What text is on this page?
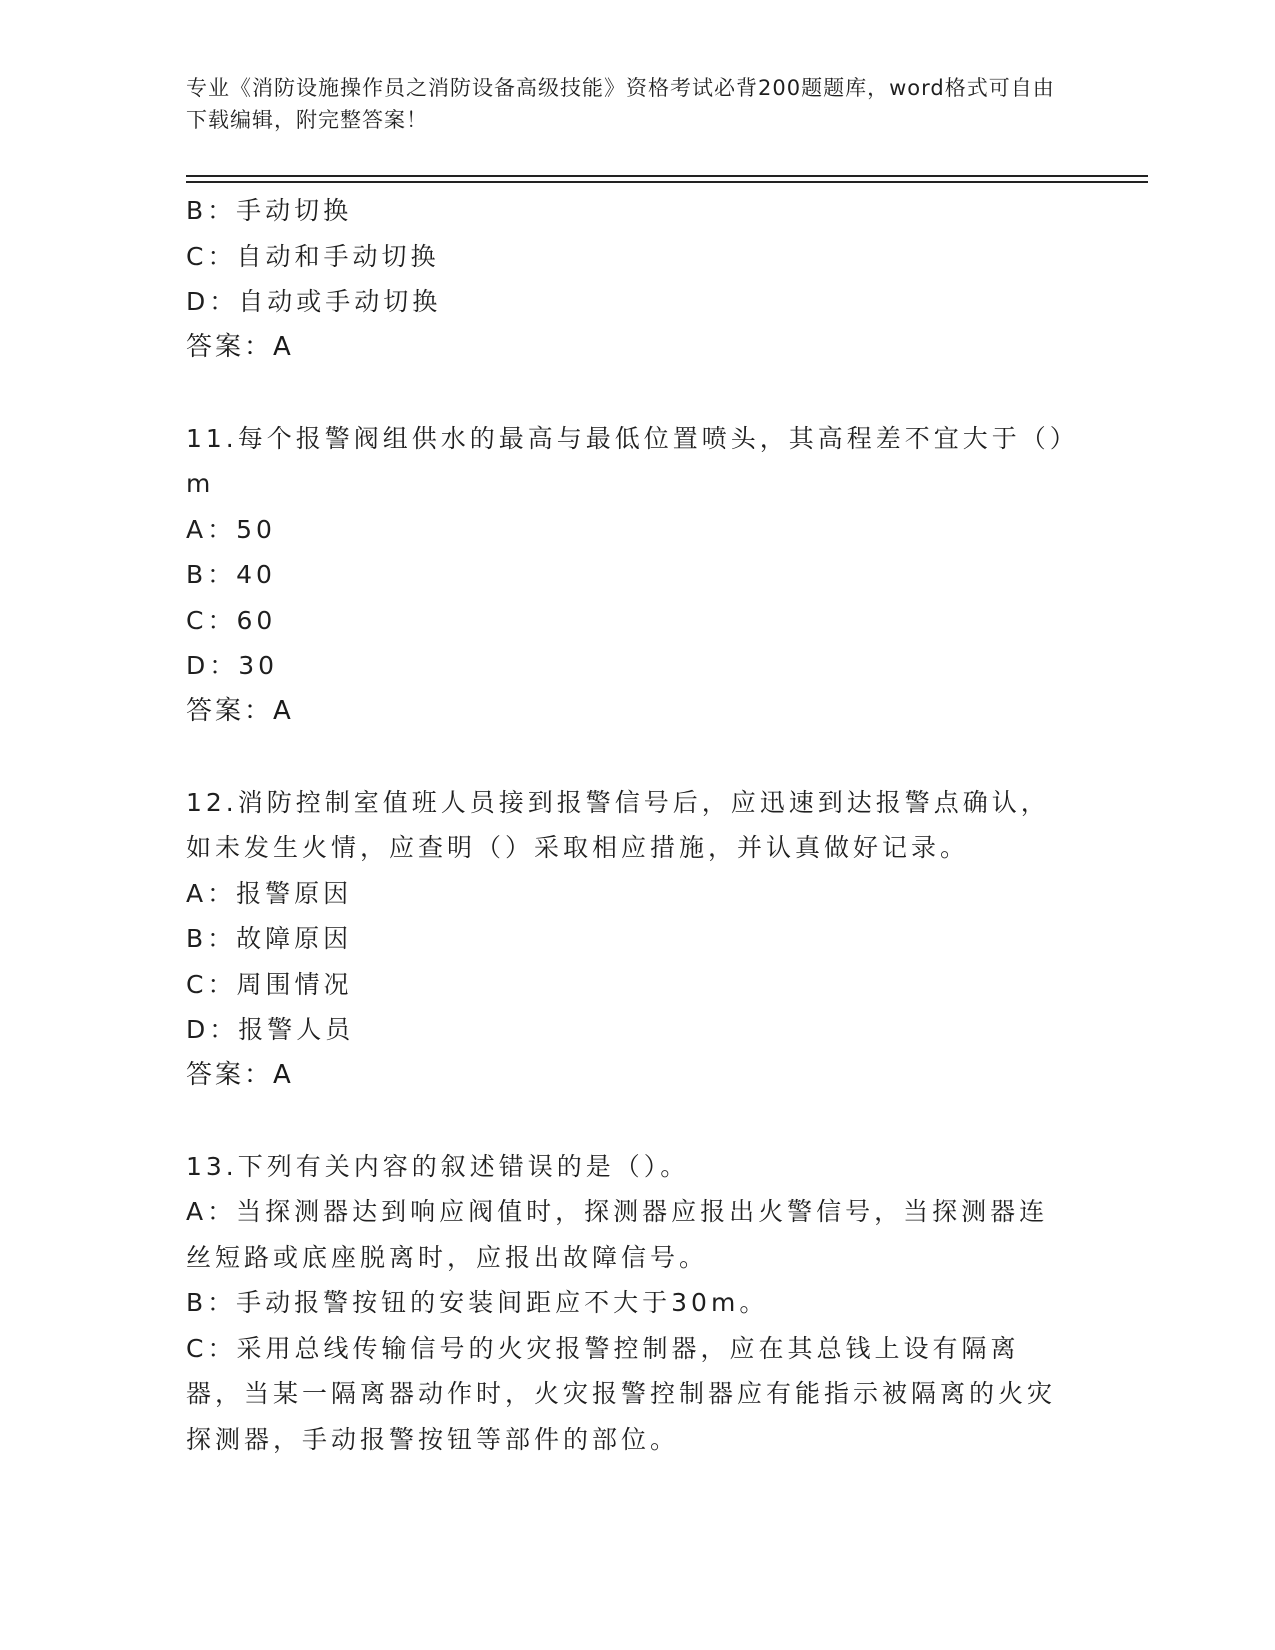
专业《消防设施操作员之消防设备高级技能》资格考试必背200题题库，word格式可自由下载编辑，附完整答案！
B：手动切换
C：自动和手动切换
D：自动或手动切换
答案：A
11.每个报警阀组供水的最高与最低位置喷头，其高程差不宜大于（）
m
A：50
B：40
C：60
D：30
答案：A
12.消防控制室值班人员接到报警信号后，应迅速到达报警点确认，如未发生火情，应查明（）采取相应措施，并认真做好记录。
A：报警原因
B：故障原因
C：周围情况
D：报警人员
答案：A
13.下列有关内容的叙述错误的是（）。
A：当探测器达到响应阀值时，探测器应报出火警信号，当探测器连丝短路或底座脱离时，应报出故障信号。
B：手动报警按钮的安装间距应不大于30m。
C：采用总线传输信号的火灾报警控制器，应在其总钱上设有隔离器，当某一隔离器动作时，火灾报警控制器应有能指示被隔离的火灾探测器，手动报警按钮等部件的部位。
